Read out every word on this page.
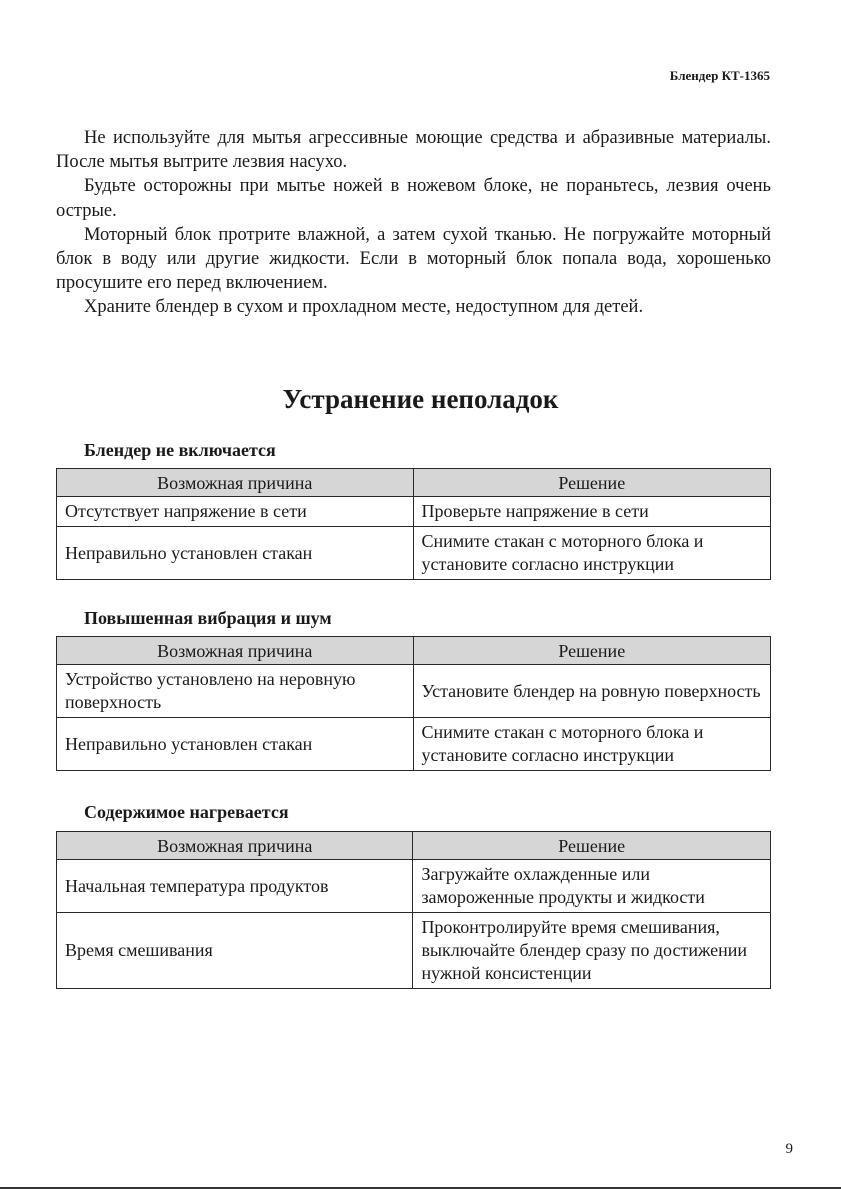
Блендер КТ-1365

Не используйте для мытья агрессивные моющие средства и абразивные материалы. После мытья вытрите лезвия насухо.

Будьте осторожны при мытье ножей в ножевом блоке, не пораньтесь, лезвия очень острые.

Моторный блок протрите влажной, а затем сухой тканью. Не погружайте моторный блок в воду или другие жидкости. Если в моторный блок попала вода, хорошенько просушите его перед включением.

Храните блендер в сухом и прохладном месте, недоступном для детей.

Устранение неполадок
Блендер не включается
Возможная причина	Решение
Отсутствует напряжение в сети	Проверьте напряжение в сети
Неправильно установлен стакан	Снимите стакан с моторного блока и установите согласно инструкции
Повышенная вибрация и шум
Возможная причина	Решение
Устройство установлено на неровную поверхность	Установите блендер на ровную поверхность
Неправильно установлен стакан	Снимите стакан с моторного блока и установите согласно инструкции
Содержимое нагревается
Возможная причина	Решение
Начальная температура продуктов	Загружайте охлажденные или замороженные продукты и жидкости
Время смешивания	Проконтролируйте время смешивания, выключайте блендер сразу по достижении нужной консистенции
9
